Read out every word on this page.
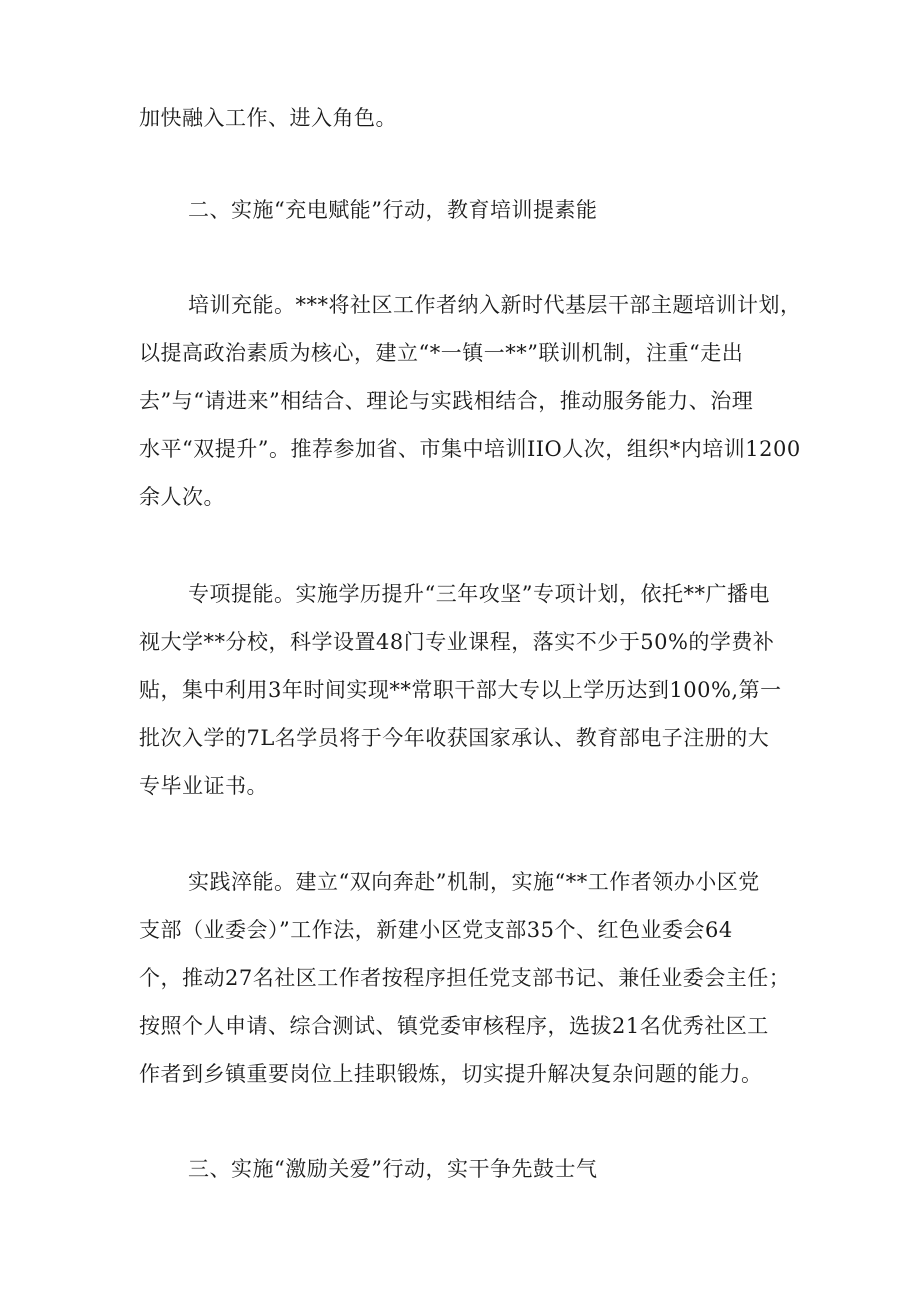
加快融入工作、进入角色。
二、实施“充电赋能”行动，教育培训提素能
培训充能。***将社区工作者纳入新时代基层干部主题培训计划，
以提高政治素质为核心，建立“*一镇一**”联训机制，注重“走出
去”与“请进来”相结合、理论与实践相结合，推动服务能力、治理
水平“双提升”。推荐参加省、市集中培训IIO人次，组织*内培训1200
余人次。
专项提能。实施学历提升“三年攻坚”专项计划，依托**广播电
视大学**分校，科学设置48门专业课程，落实不少于50%的学费补
贴，集中利用3年时间实现**常职干部大专以上学历达到100%,第一
批次入学的7L名学员将于今年收获国家承认、教育部电子注册的大
专毕业证书。
实践淬能。建立“双向奔赴”机制，实施“**工作者领办小区党
支部（业委会）”工作法，新建小区党支部35个、红色业委会64
个，推动27名社区工作者按程序担任党支部书记、兼任业委会主任；
按照个人申请、综合测试、镇党委审核程序，选拔21名优秀社区工
作者到乡镇重要岗位上挂职锻炼，切实提升解决复杂问题的能力。
三、实施“激励关爱”行动，实干争先鼓士气
